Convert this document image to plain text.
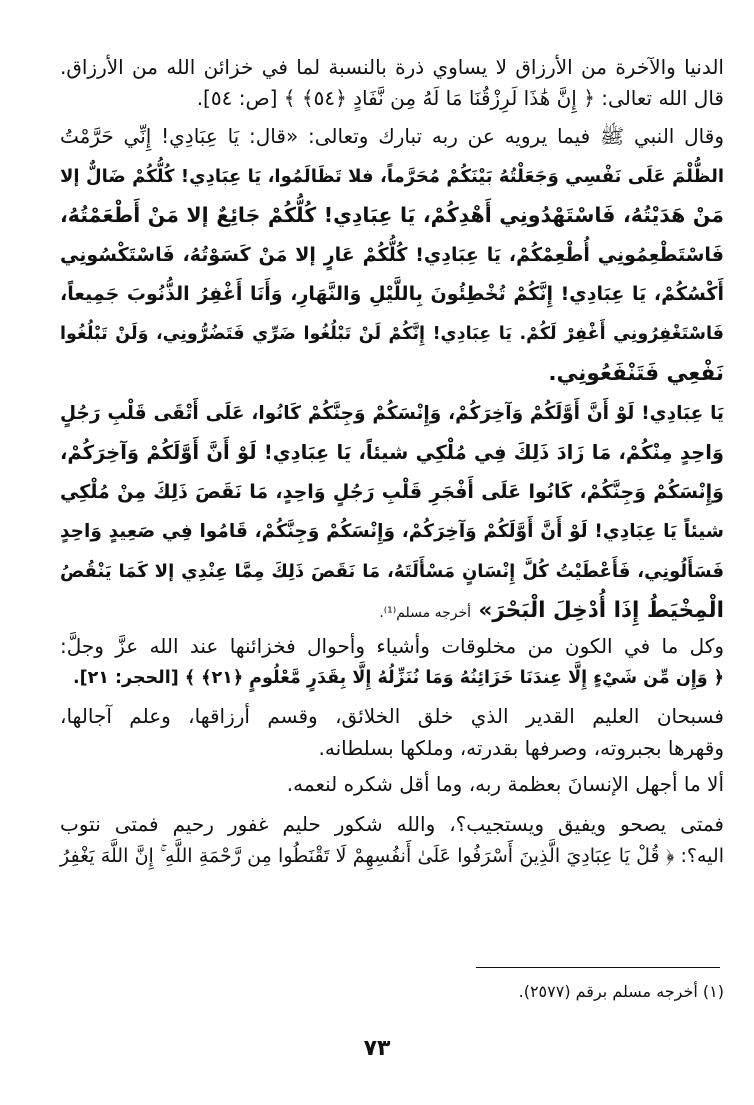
الدنيا والآخرة من الأرزاق لا يساوي ذرة بالنسبة لما في خزائن الله من الأرزاق.
قال الله تعالى: ﴿ إِنَّ هَٰذَا لَرِزْقُنَا مَا لَهُ مِن نَّفَادٍ ﴿٥٤﴾ ﴾ [ص: ٥٤].
وقال النبي ﷺ فيما يرويه عن ربه تبارك وتعالى: «قال: يَا عِبَادِي! إِنِّي حَرَّمْتُ
الظُّلْمَ عَلَى نَفْسِي وَجَعَلْتُهُ بَيْنَكُمْ مُحَرَّماً، فلا تَظَالَمُوا، يَا عِبَادِي! كُلُّكُمْ ضَالٌّ إلا
مَنْ هَدَيْتُهُ، فَاسْتَهْدُونِي أَهْدِكُمْ، يَا عِبَادِي! كُلُّكُمْ جَائِعٌ إلا مَنْ أَطْعَمْتُهُ،
فَاسْتَطْعِمُونِي أُطْعِمْكُمْ، يَا عِبَادِي! كُلُّكُمْ عَارٍ إلا مَنْ كَسَوْتُهُ، فَاسْتَكْسُونِي
أَكْسُكُمْ، يَا عِبَادِي! إِنَّكُمْ تُخْطِئُونَ بِاللَّيْلِ وَالنَّهَارِ، وَأَنَا أَغْفِرُ الذُّنُوبَ جَمِيعاً،
فَاسْتَغْفِرُونِي أَغْفِرْ لَكُمْ. يَا عِبَادِي! إِنَّكُمْ لَنْ تَبْلُغُوا ضَرِّي فَتَضُرُّونِي، وَلَنْ تَبْلُغُوا
نَفْعِي فَتَنْفَعُونِي.
يَا عِبَادِي! لَوْ أَنَّ أَوَّلَكُمْ وَآخِرَكُمْ، وَإِنْسَكُمْ وَجِنَّكُمْ كَانُوا، عَلَى أَتْقَى قَلْبِ رَجُلٍ
وَاحِدٍ مِنْكُمْ، مَا زَادَ ذَلِكَ فِي مُلْكِي شيئاً، يَا عِبَادِي! لَوْ أَنَّ أَوَّلَكُمْ وَآخِرَكُمْ،
وَإِنْسَكُمْ وَجِنَّكُمْ، كَانُوا عَلَى أَفْجَرِ قَلْبِ رَجُلٍ وَاحِدٍ، مَا نَقَصَ ذَلِكَ مِنْ مُلْكِي
شيئاً يَا عِبَادِي! لَوْ أَنَّ أَوَّلَكُمْ وَآخِرَكُمْ، وَإِنْسَكُمْ وَجِنَّكُمْ، قَامُوا فِي صَعِيدٍ وَاحِدٍ
فَسَأَلُونِي، فَأَعْطَيْتُ كُلَّ إِنْسَانٍ مَسْأَلَتَهُ، مَا نَقَصَ ذَلِكَ مِمَّا عِنْدِي إلا كَمَا يَنْقُصُ
الْمِخْيَطُ إِذَا أُدْخِلَ الْبَحْرَ» أخرجه مسلم⁽¹⁾.
وكل ما في الكون من مخلوقات وأشياء وأحوال فخزائنها عند الله عزَّ وجلَّ:
﴿ وَإِن مِّن شَيْءٍ إِلَّا عِندَنَا خَزَائِنُهُ وَمَا نُنَزِّلُهُ إِلَّا بِقَدَرٍ مَّعْلُومٍ ﴿٢١﴾ ﴾ [الحجر: ٢١].
فسبحان العليم القدير الذي خلق الخلائق، وقسم أرزاقها، وعلم آجالها،
وقهرها بجبروته، وصرفها بقدرته، وملكها بسلطانه.
ألا ما أجهل الإنسانَ بعظمة ربه، وما أقل شكره لنعمه.
فمتى يصحو ويفيق ويستجيب؟، والله شكور حليم غفور رحيم فمتى نتوب
اليه؟: ﴿ قُلْ يَا عِبَادِيَ الَّذِينَ أَسْرَفُوا عَلَىٰ أَنفُسِهِمْ لَا تَقْنَطُوا مِن رَّحْمَةِ اللَّهِ ۚ إِنَّ اللَّهَ يَغْفِرُ
(١) أخرجه مسلم برقم (٢٥٧٧).
٧٣
